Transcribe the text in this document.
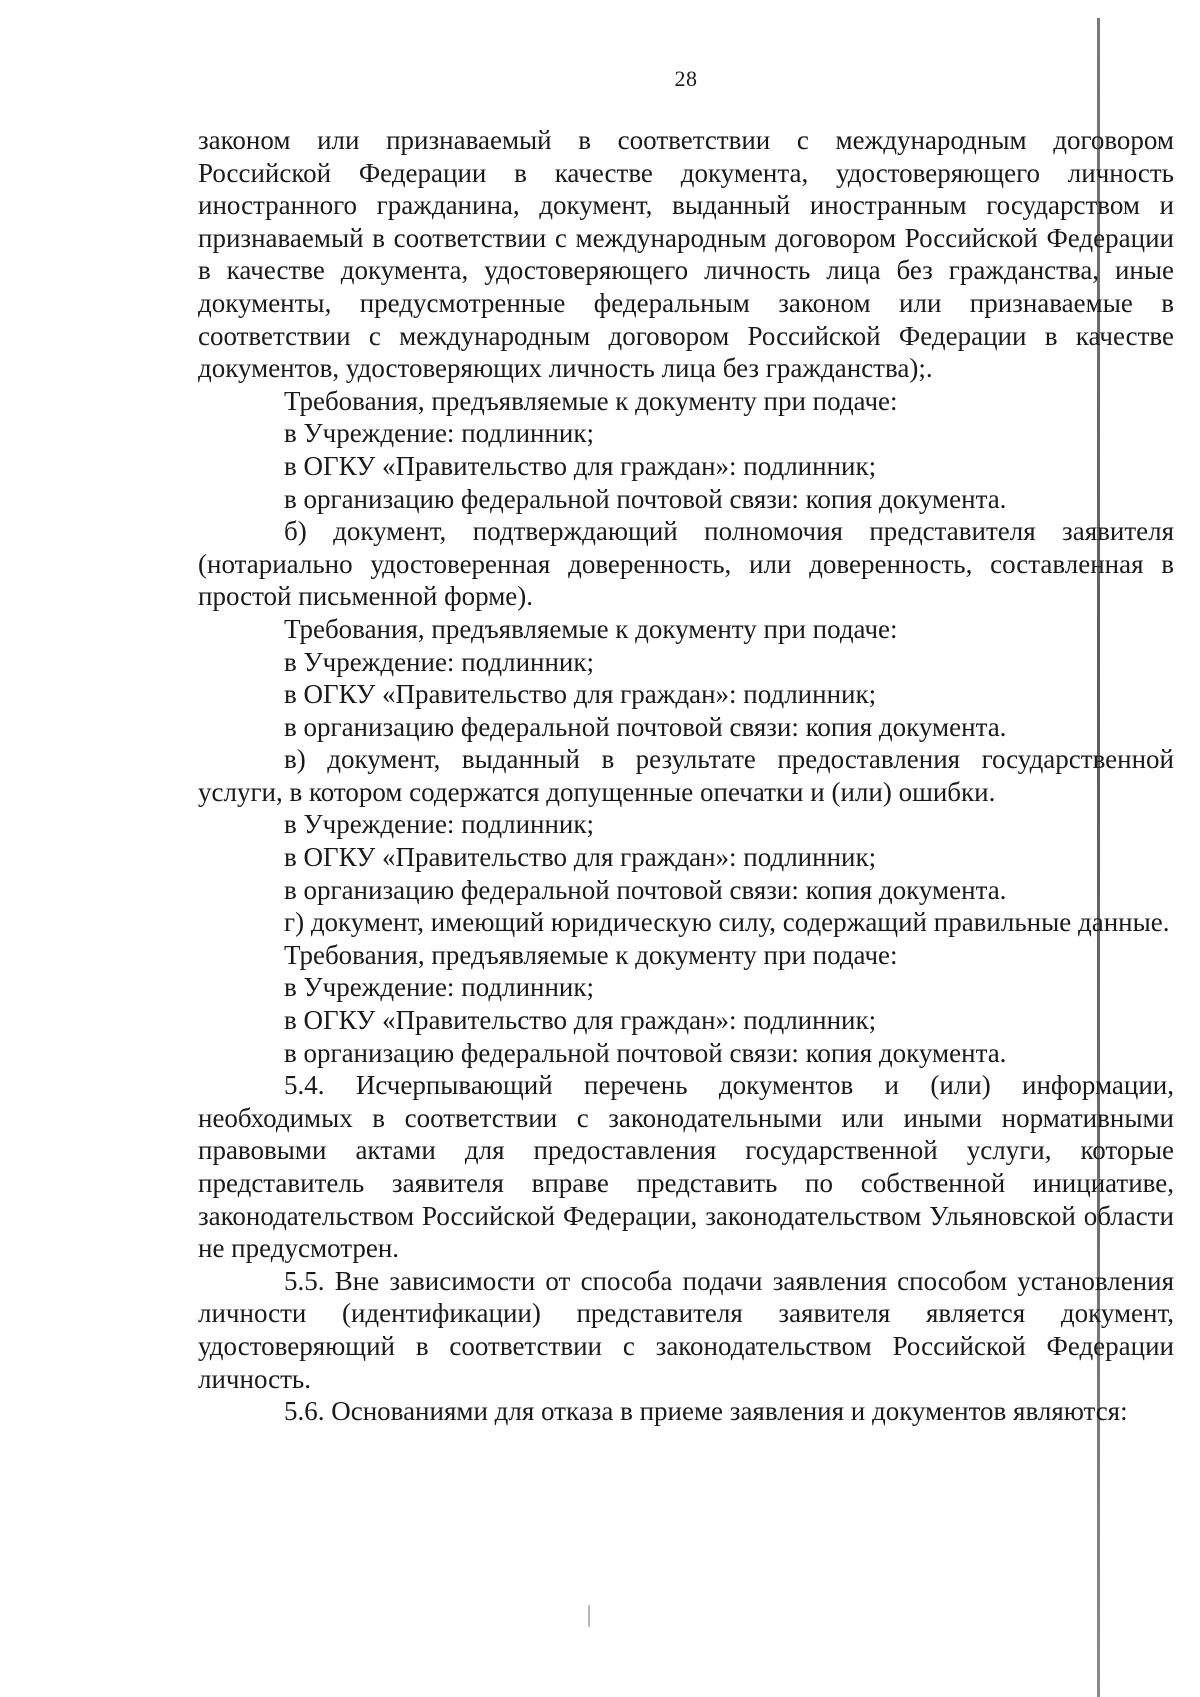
28

законом или признаваемый в соответствии с международным договором Российской Федерации в качестве документа, удостоверяющего личность иностранного гражданина, документ, выданный иностранным государством и признаваемый в соответствии с международным договором Российской Федерации в качестве документа, удостоверяющего личность лица без гражданства, иные документы, предусмотренные федеральным законом или признаваемые в соответствии с международным договором Российской Федерации в качестве документов, удостоверяющих личность лица без гражданства);.

Требования, предъявляемые к документу при подаче:

в Учреждение: подлинник;

в ОГКУ «Правительство для граждан»: подлинник;

в организацию федеральной почтовой связи: копия документа.

б) документ, подтверждающий полномочия представителя заявителя (нотариально удостоверенная доверенность, или доверенность, составленная в простой письменной форме).

Требования, предъявляемые к документу при подаче:

в Учреждение: подлинник;

в ОГКУ «Правительство для граждан»: подлинник;

в организацию федеральной почтовой связи: копия документа.

в) документ, выданный в результате предоставления государственной услуги, в котором содержатся допущенные опечатки и (или) ошибки.

в Учреждение: подлинник;

в ОГКУ «Правительство для граждан»: подлинник;

в организацию федеральной почтовой связи: копия документа.

г) документ, имеющий юридическую силу, содержащий правильные данные.

Требования, предъявляемые к документу при подаче:

в Учреждение: подлинник;

в ОГКУ «Правительство для граждан»: подлинник;

в организацию федеральной почтовой связи: копия документа.

5.4. Исчерпывающий перечень документов и (или) информации, необходимых в соответствии с законодательными или иными нормативными правовыми актами для предоставления государственной услуги, которые представитель заявителя вправе представить по собственной инициативе, законодательством Российской Федерации, законодательством Ульяновской области не предусмотрен.

5.5. Вне зависимости от способа подачи заявления способом установления личности (идентификации) представителя заявителя является документ, удостоверяющий в соответствии с законодательством Российской Федерации личность.

5.6. Основаниями для отказа в приеме заявления и документов являются:
